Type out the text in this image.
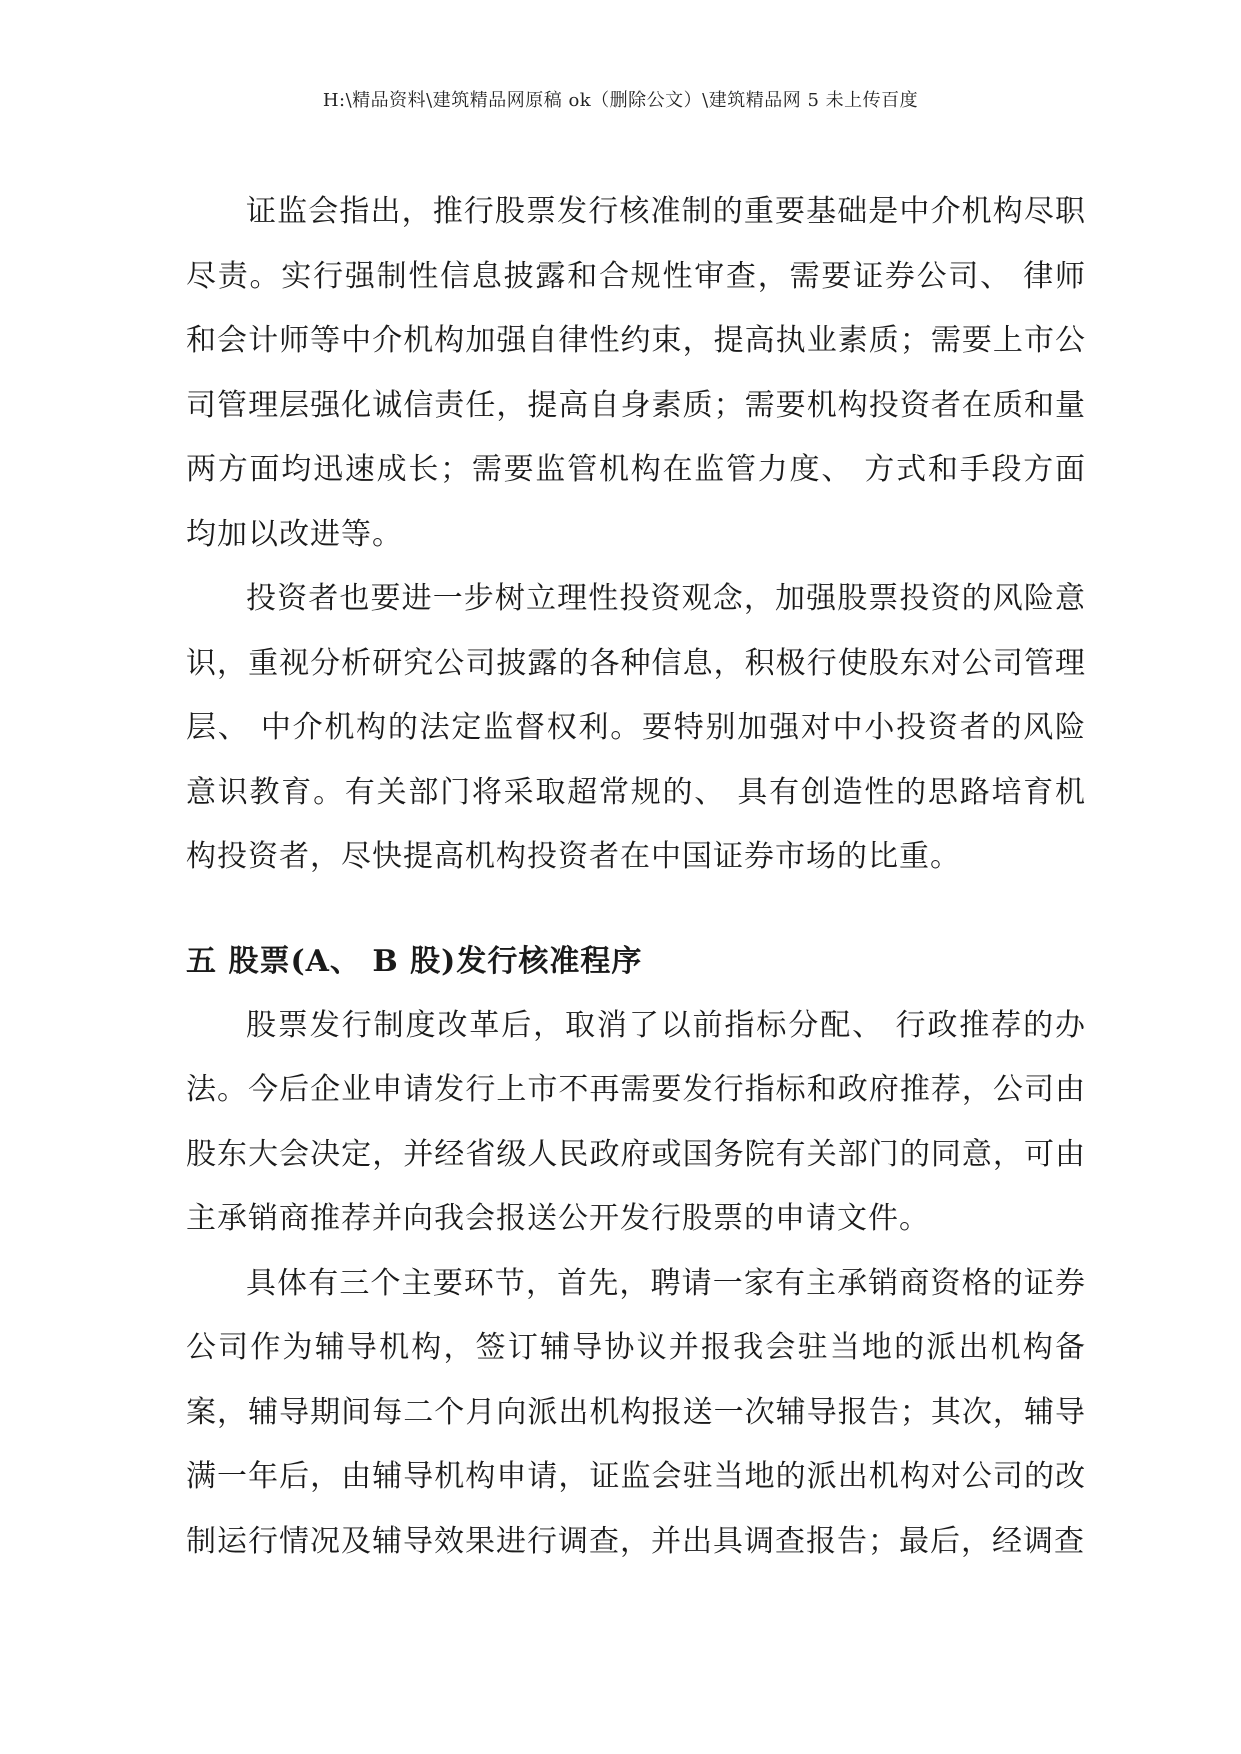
H:\精品资料\建筑精品网原稿 ok（删除公文）\建筑精品网 5 未上传百度

证监会指出，推行股票发行核准制的重要基础是中介机构尽职尽责。实行强制性信息披露和合规性审查，需要证券公司、 律师和会计师等中介机构加强自律性约束，提高执业素质；需要上市公司管理层强化诚信责任，提高自身素质；需要机构投资者在质和量两方面均迅速成长；需要监管机构在监管力度、 方式和手段方面均加以改进等。

投资者也要进一步树立理性投资观念，加强股票投资的风险意识，重视分析研究公司披露的各种信息，积极行使股东对公司管理层、 中介机构的法定监督权利。要特别加强对中小投资者的风险意识教育。有关部门将采取超常规的、 具有创造性的思路培育机构投资者，尽快提高机构投资者在中国证券市场的比重。

五 股票(A、 B 股)发行核准程序

股票发行制度改革后，取消了以前指标分配、 行政推荐的办法。今后企业申请发行上市不再需要发行指标和政府推荐，公司由股东大会决定，并经省级人民政府或国务院有关部门的同意，可由主承销商推荐并向我会报送公开发行股票的申请文件。

具体有三个主要环节，首先，聘请一家有主承销商资格的证券公司作为辅导机构，签订辅导协议并报我会驻当地的派出机构备案，辅导期间每二个月向派出机构报送一次辅导报告；其次，辅导满一年后，由辅导机构申请，证监会驻当地的派出机构对公司的改制运行情况及辅导效果进行调查，并出具调查报告；最后，经调查
